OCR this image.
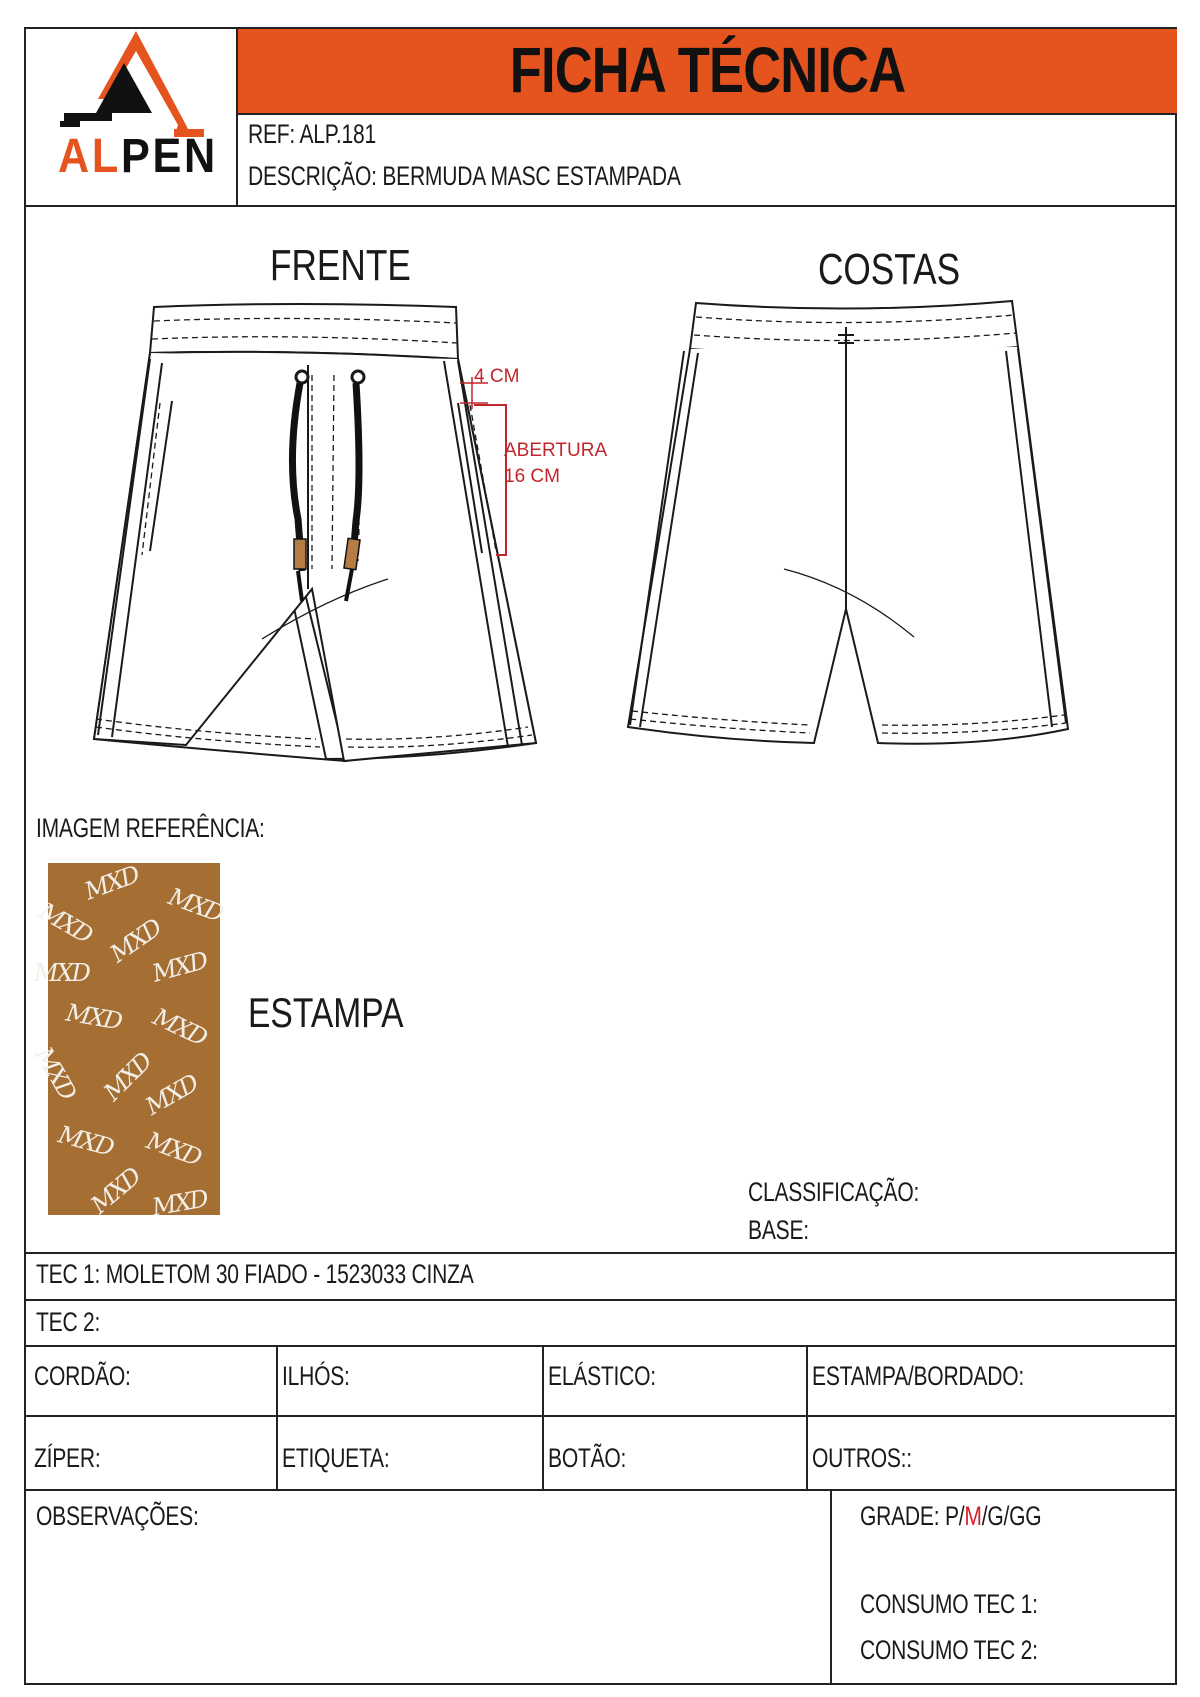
ALPEN
FICHA TÉCNICA
REF: ALP.181
DESCRIÇÃO: BERMUDA MASC ESTAMPADA
FRENTE	COSTAS
4 CM
ABERTURA
16 CM
IMAGEM REFERÊNCIA:
MXD MXD
MXD MXD
MXD	MXD
MXD MXD
MXD
MXD MXD
MXD MXD
MXD MXD
ESTAMPA
CLASSIFICAÇÃO:
BASE:
TEC 1: MOLETOM 30 FIADO - 1523033 CINZA
TEC 2:
CORDÃO:	ILHÓS:	ELÁSTICO:	ESTAMPA/BORDADO:
ZÍPER:	ETIQUETA:	BOTÃO:	OUTROS::
OBSERVAÇÕES:	GRADE: P/M/G/GG
CONSUMO TEC 1:
CONSUMO TEC 2:
